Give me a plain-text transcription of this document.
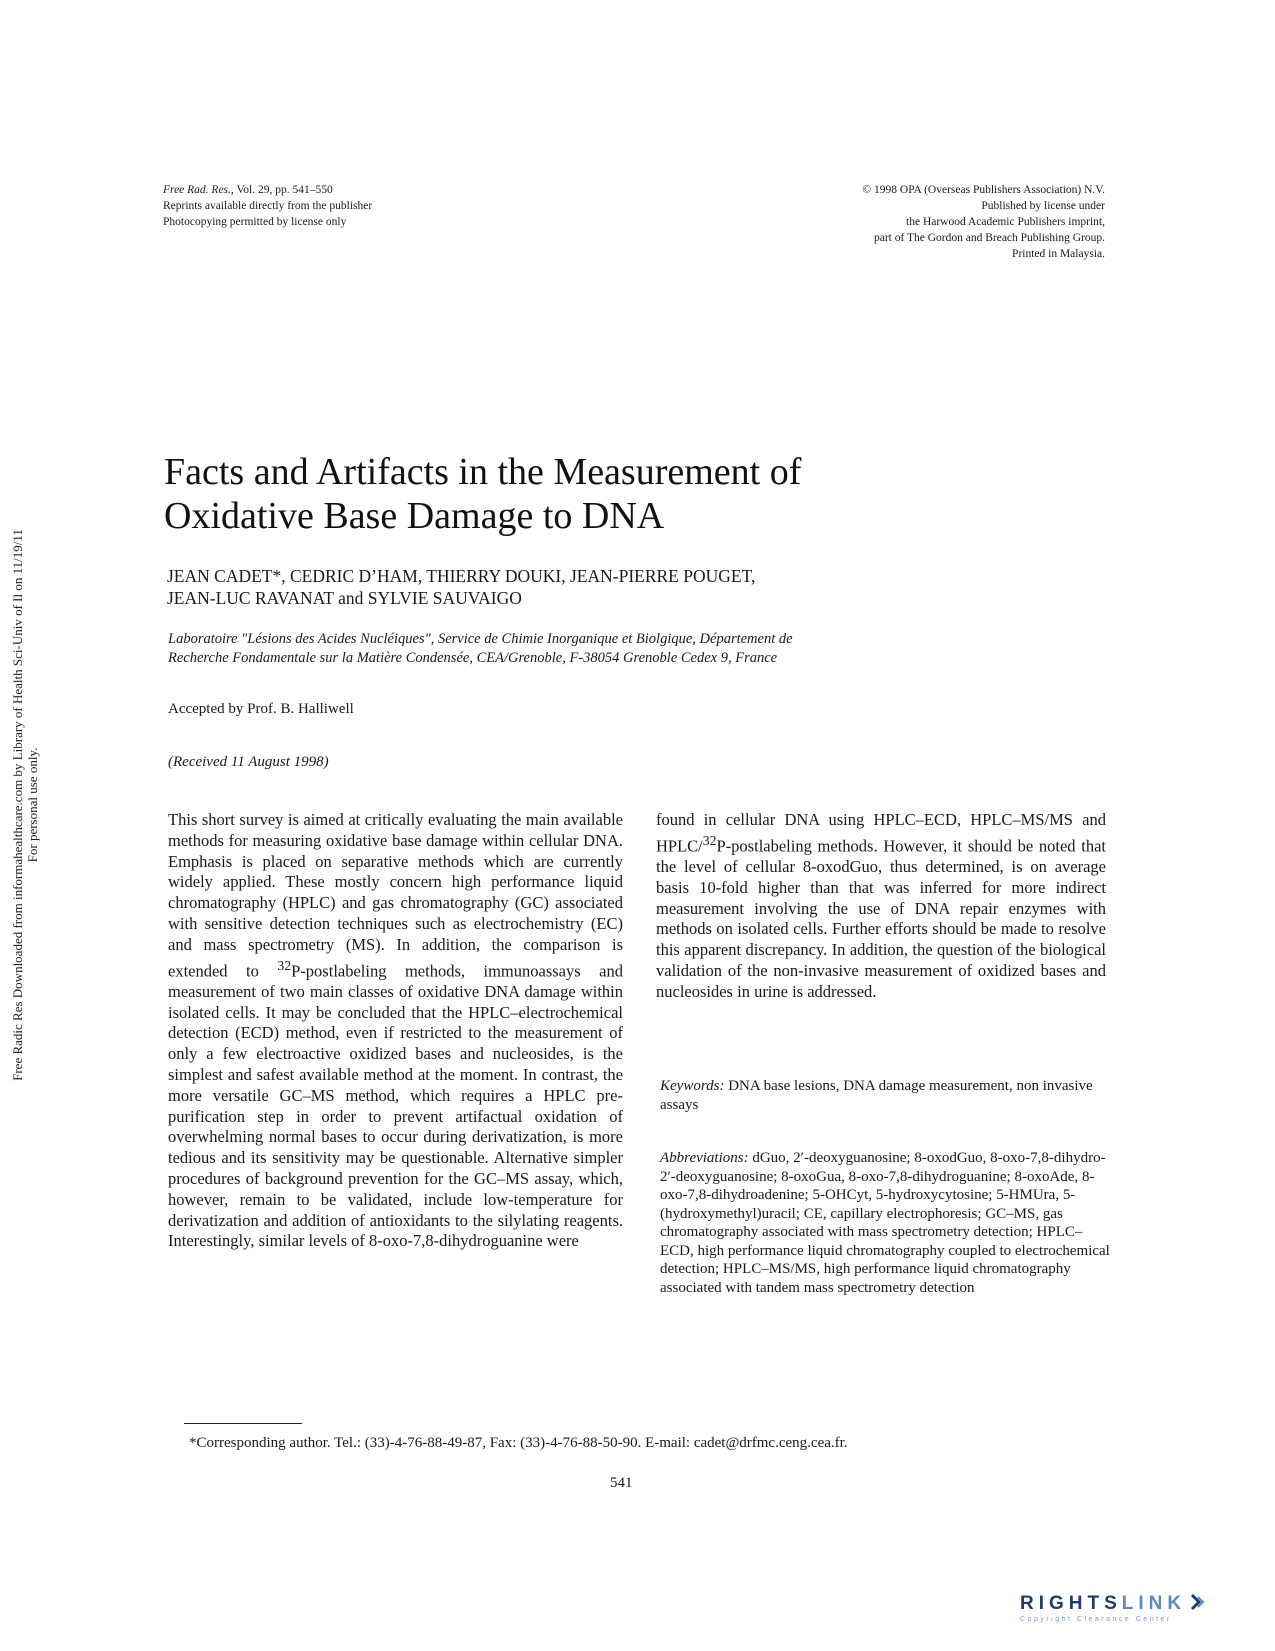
Free Rad. Res., Vol. 29, pp. 541–550
Reprints available directly from the publisher
Photocopying permitted by license only
© 1998 OPA (Overseas Publishers Association) N.V.
Published by license under
the Harwood Academic Publishers imprint,
part of The Gordon and Breach Publishing Group.
Printed in Malaysia.
Free Radic Res Downloaded from informahealthcare.com by Library of Health Sci-Univ of Il on 11/19/11 For personal use only.
Facts and Artifacts in the Measurement of
Oxidative Base Damage to DNA
JEAN CADET*, CEDRIC D’HAM, THIERRY DOUKI, JEAN-PIERRE POUGET,
JEAN-LUC RAVANAT and SYLVIE SAUVAIGO
Laboratoire "Lésions des Acides Nucléiques", Service de Chimie Inorganique et Biolgique, Département de
Recherche Fondamentale sur la Matière Condensée, CEA/Grenoble, F-38054 Grenoble Cedex 9, France
Accepted by Prof. B. Halliwell
(Received 11 August 1998)
This short survey is aimed at critically evaluating the main available methods for measuring oxidative base damage within cellular DNA. Emphasis is placed on separative methods which are currently widely applied. These mostly concern high performance liquid chromatography (HPLC) and gas chromatography (GC) associated with sensitive detection techniques such as electrochemistry (EC) and mass spectrometry (MS). In addition, the comparison is extended to $^{32}$P-postlabeling methods, immunoassays and measurement of two main classes of oxidative DNA damage within isolated cells. It may be concluded that the HPLC–electrochemical detection (ECD) method, even if restricted to the measurement of only a few electroactive oxidized bases and nucleosides, is the simplest and safest available method at the moment. In contrast, the more versatile GC–MS method, which requires a HPLC pre-purification step in order to prevent artifactual oxidation of overwhelming normal bases to occur during derivatization, is more tedious and its sensitivity may be questionable. Alternative simpler procedures of background prevention for the GC–MS assay, which, however, remain to be validated, include low-temperature for derivatization and addition of antioxidants to the silylating reagents. Interestingly, similar levels of 8-oxo-7,8-dihydroguanine were
found in cellular DNA using HPLC–ECD, HPLC–MS/MS and HPLC/$^{32}$P-postlabeling methods. However, it should be noted that the level of cellular 8-oxodGuo, thus determined, is on average basis 10-fold higher than that was inferred for more indirect measurement involving the use of DNA repair enzymes with methods on isolated cells. Further efforts should be made to resolve this apparent discrepancy. In addition, the question of the biological validation of the non-invasive measurement of oxidized bases and nucleosides in urine is addressed.
Keywords: DNA base lesions, DNA damage measurement, non invasive assays
Abbreviations: dGuo, 2′-deoxyguanosine; 8-oxodGuo, 8-oxo-7,8-dihydro-2′-deoxyguanosine; 8-oxoGua, 8-oxo-7,8-dihydroguanine; 8-oxoAde, 8-oxo-7,8-dihydroadenine; 5-OHCyt, 5-hydroxycytosine; 5-HMUra, 5-(hydroxymethyl)uracil; CE, capillary electrophoresis; GC–MS, gas chromatography associated with mass spectrometry detection; HPLC–ECD, high performance liquid chromatography coupled to electrochemical detection; HPLC–MS/MS, high performance liquid chromatography associated with tandem mass spectrometry detection
*Corresponding author. Tel.: (33)-4-76-88-49-87, Fax: (33)-4-76-88-50-90. E-mail: cadet@drfmc.ceng.cea.fr.
541
RIGHTSLINK
Copyright Clearance Center
